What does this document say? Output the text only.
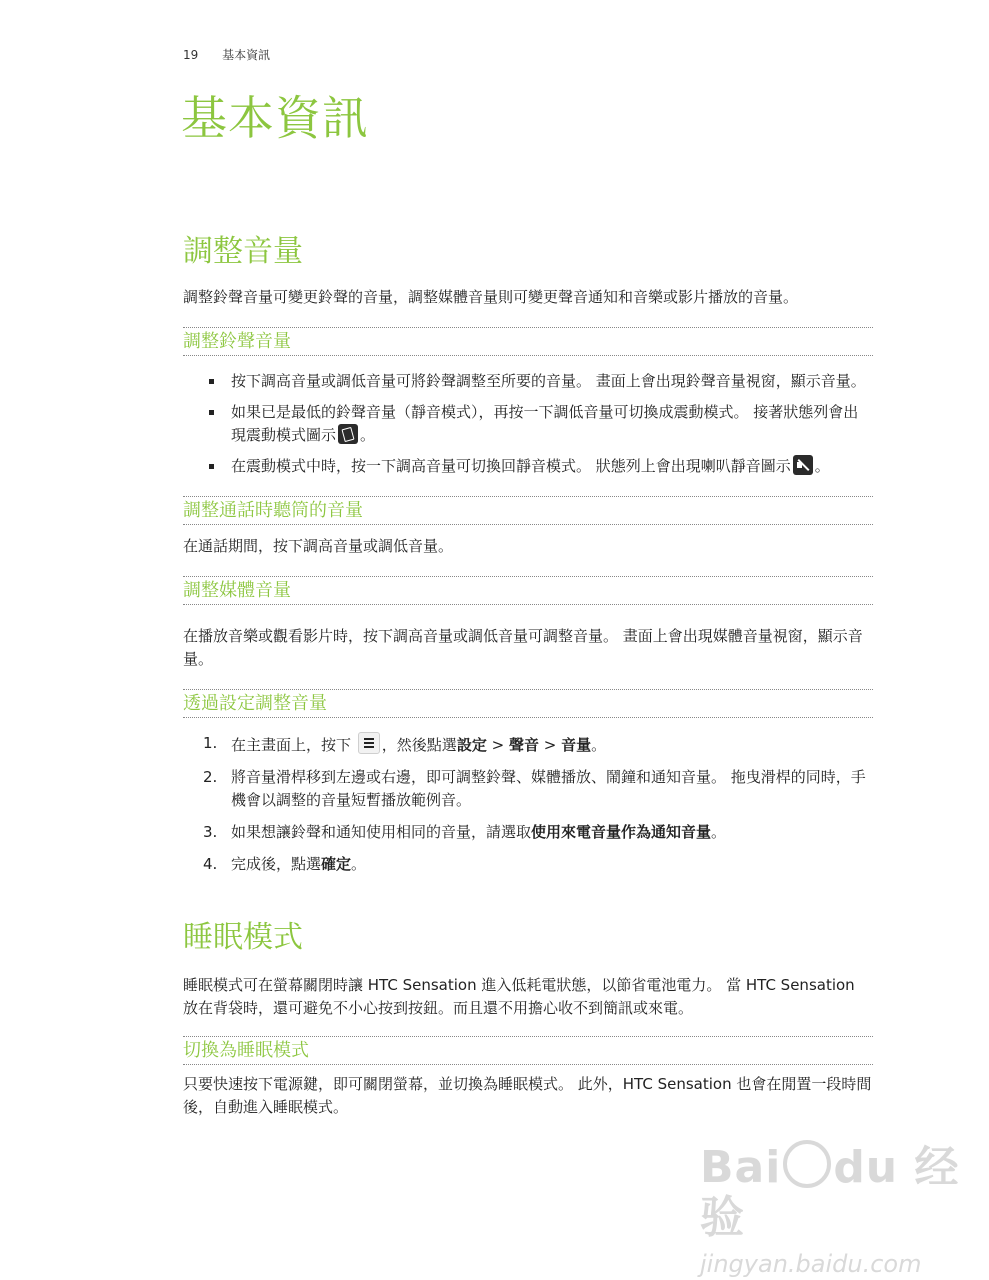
19 基本資訊
基本資訊
調整音量

調整鈴聲音量可變更鈴聲的音量，調整媒體音量則可變更聲音通知和音樂或影片播放的音量。

調整鈴聲音量
按下調高音量或調低音量可將鈴聲調整至所要的音量。 畫面上會出現鈴聲音量視窗，顯示音量。
如果已是最低的鈴聲音量（靜音模式），再按一下調低音量可切換成震動模式。 接著狀態列會出現震動模式圖示 。
在震動模式中時，按一下調高音量可切換回靜音模式。 狀態列上會出現喇叭靜音圖示 。
調整通話時聽筒的音量

在通話期間，按下調高音量或調低音量。

調整媒體音量

在播放音樂或觀看影片時，按下調高音量或調低音量可調整音量。 畫面上會出現媒體音量視窗，顯示音量。

透過設定調整音量
1. 在主畫面上，按下 ，然後點選設定 > 聲音 > 音量。
2. 將音量滑桿移到左邊或右邊，即可調整鈴聲、媒體播放、鬧鐘和通知音量。 拖曳滑桿的同時，手機會以調整的音量短暫播放範例音。
3. 如果想讓鈴聲和通知使用相同的音量，請選取使用來電音量作為通知音量。
4. 完成後，點選確定。
睡眠模式

睡眠模式可在螢幕關閉時讓 HTC Sensation 進入低耗電狀態，以節省電池電力。 當 HTC Sensation 放在背袋時，還可避免不小心按到按鈕。而且還不用擔心收不到簡訊或來電。

切換為睡眠模式

只要快速按下電源鍵，即可關閉螢幕，並切換為睡眠模式。 此外，HTC Sensation 也會在閒置一段時間後，自動進入睡眠模式。

Bai du 经验
jingyan.baidu.com
